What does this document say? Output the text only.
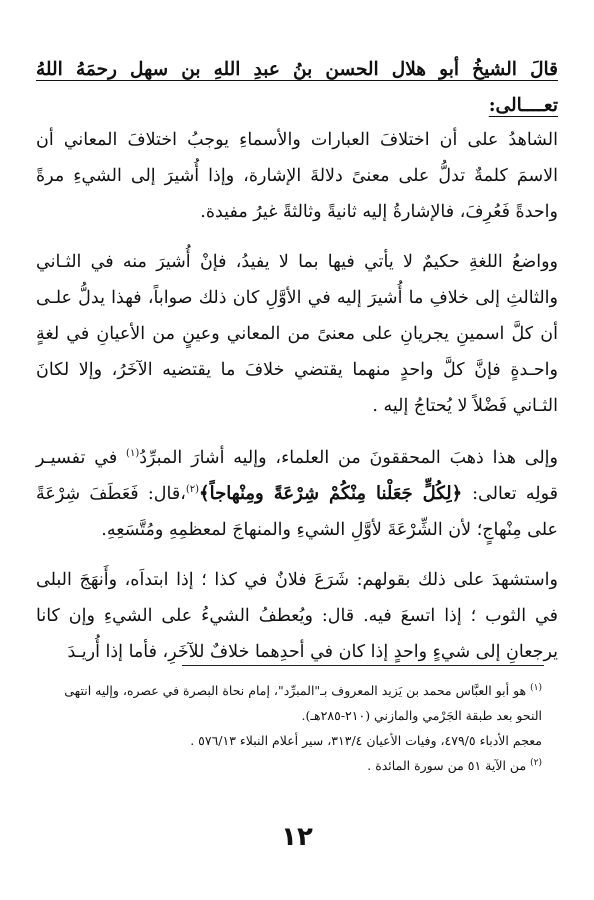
قالَ الشيخُ أبو هلال الحسن بنُ عبدِ اللهِ بن سهل رحمَهُ اللهُ تعــــالى:

الشاهدُ على أن اختلافَ العبارات والأسماءِ يوجبُ اختلافَ المعاني أن الاسمَ كلمةٌ تدلُّ على معنىً دلالةَ الإشارة، وإذا أُشيرَ إلى الشيءِ مرةً واحدةً فَعُرِفَ، فالإشارةُ إليه ثانيةً وثالثةً غيرُ مفيدة.

وواضعُ اللغةِ حكيمٌ لا يأتي فيها بما لا يفيدُ، فإنْ أُشيرَ منه في الثـاني والثالثِ إلى خلافِ ما أُشيرَ إليه في الأوَّلِ كان ذلك صواباً، فهذا يدلُّ علـى أن كلَّ اسمينِ يجريانِ على معنىً من المعاني وعينٍ من الأعيانِ في لغةٍ واحـدةٍ فإنَّ كلَّ واحدٍ منهما يقتضي خلافَ ما يقتضيه الآخَرُ، وإلا لكانَ الثـاني فَضْلاً لا يُحتاجُ إليه .

وإلى هذا ذهبَ المحققونَ من العلماء، وإليه أشارَ المبرِّدُ$^{(١)}$ في تفسيـر قولِه تعالى: ﴿لِكُلٍّ جَعَلْنا مِنْكُمْ شِرْعَةً ومِنْهاجاً﴾$^{(٢)}$،قال: فَعَطَفَ شِرْعَةً على مِنْهاجٍ؛ لأن الشِّرْعَةَ لأوَّلِ الشيءِ والمنهاجَ لمعظمِهِ ومُتَّسَعِهِ.

واستشهدَ على ذلك بقولهم: شَرَعَ فلانٌ في كذا ؛ إذا ابتداَه، وأَنهَجَ البلى في الثوب ؛ إذا اتسعَ فيه. قال: ويُعطفُ الشيءُ على الشيءِ وإن كانا يرجعانِ إلى شيءٍ واحدٍ إذا كان في أحدِهما خلافٌ للآخَرِ، فأما إذا أُريـدَ

$^{(١)}$ هو أبو العبَّاس محمد بن يَزيد المعروف بـ"المبرِّد"، إمام نحاة البصرة في عصره، وإليه انتهى النحو بعد طبقة الجَرْمي والمازني (٢١٠-٢٨٥هـ).

معجم الأدباء ٤٧٩/٥، وفيات الأعيان ٣١٣/٤، سير أعلام النبلاء ٥٧٦/١٣ .

$^{(٢)}$ من الآية ٥١ من سورة المائدة .

١٢
